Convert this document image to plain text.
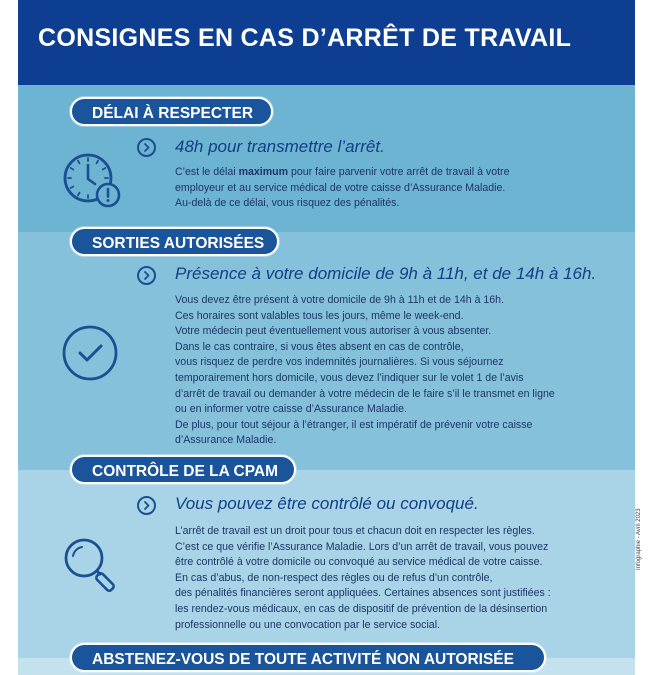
CONSIGNES EN CAS D’ARRÊT DE TRAVAIL
DÉLAI À RESPECTER
48h pour transmettre l’arrêt.

C’est le délai maximum pour faire parvenir votre arrêt de travail à votre

employeur et au service médical de votre caisse d’Assurance Maladie.

Au-delà de ce délai, vous risquez des pénalités.

SORTIES AUTORISÉES
Présence à votre domicile de 9h à 11h, et de 14h à 16h.

Vous devez être présent à votre domicile de 9h à 11h et de 14h à 16h.

Ces horaires sont valables tous les jours, même le week-end.

Votre médecin peut éventuellement vous autoriser à vous absenter.

Dans le cas contraire, si vous êtes absent en cas de contrôle,

vous risquez de perdre vos indemnités journalières. Si vous séjournez

temporairement hors domicile, vous devez l’indiquer sur le volet 1 de l’avis

d’arrêt de travail ou demander à votre médecin de le faire s’il le transmet en ligne

ou en informer votre caisse d’Assurance Maladie.

De plus, pour tout séjour à l’étranger, il est impératif de prévenir votre caisse

d’Assurance Maladie.

CONTRÔLE DE LA CPAM
Vous pouvez être contrôlé ou convoqué.

L’arrêt de travail est un droit pour tous et chacun doit en respecter les règles.

C’est ce que vérifie l’Assurance Maladie. Lors d’un arrêt de travail, vous pouvez

être contrôlé à votre domicile ou convoqué au service médical de votre caisse.

En cas d’abus, de non-respect des règles ou de refus d’un contrôle,

des pénalités financières seront appliquées. Certaines absences sont justifiées :

les rendez-vous médicaux, en cas de dispositif de prévention de la désinsertion

professionnelle ou une convocation par le service social.

ABSTENEZ-VOUS DE TOUTE ACTIVITÉ NON AUTORISÉE
Infographie - Avril 2023
